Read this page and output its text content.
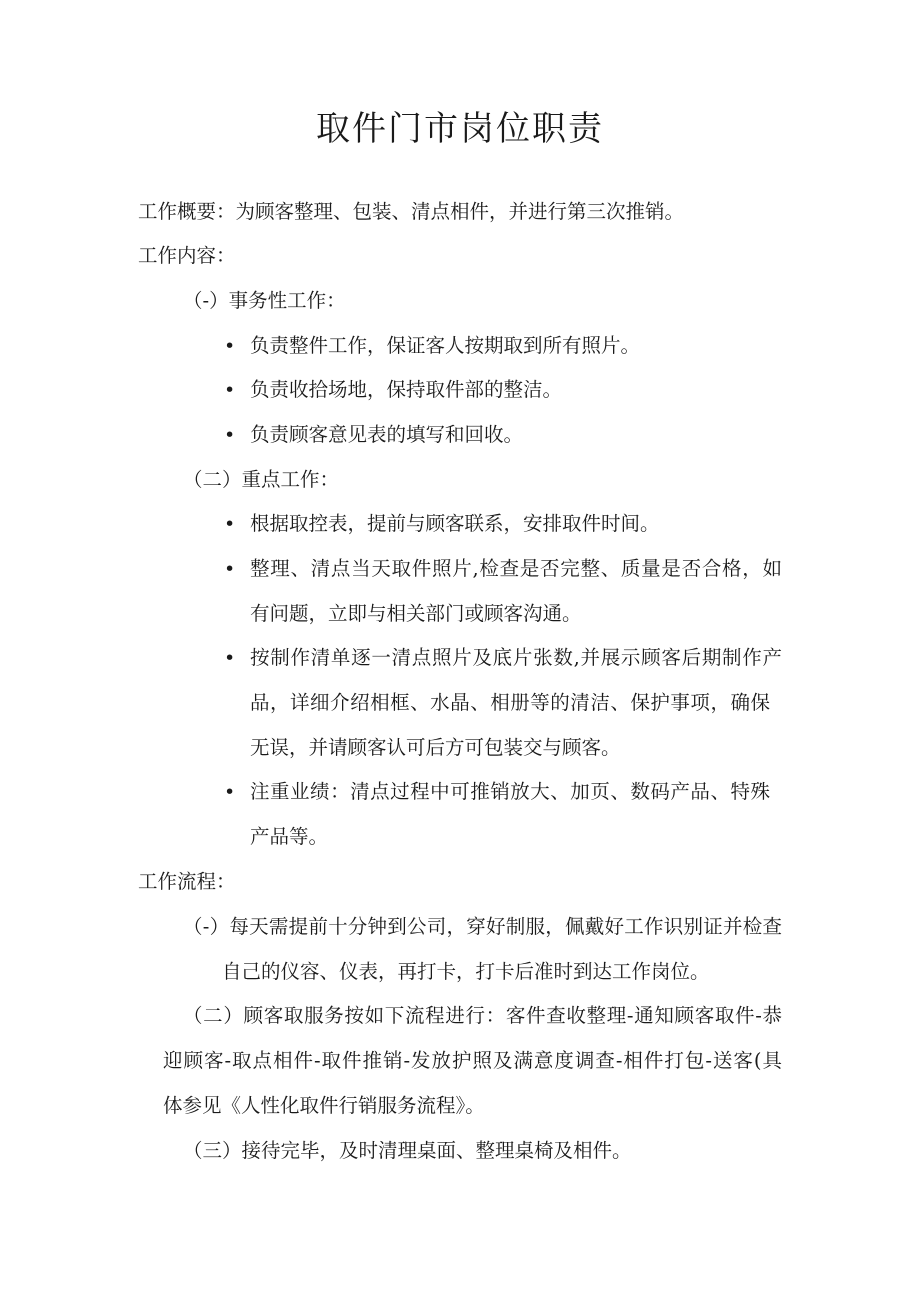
取件门市岗位职责
工作概要：为顾客整理、包装、清点相件，并进行第三次推销。
工作内容：
（-）事务性工作：
• 负责整件工作，保证客人按期取到所有照片。
• 负责收拾场地，保持取件部的整洁。
• 负责顾客意见表的填写和回收。
（二）重点工作：
• 根据取控表，提前与顾客联系，安排取件时间。
• 整理、清点当天取件照片,检查是否完整、质量是否合格，如
有问题，立即与相关部门或顾客沟通。
• 按制作清单逐一清点照片及底片张数,并展示顾客后期制作产
品，详细介绍相框、水晶、相册等的清洁、保护事项，确保
无误，并请顾客认可后方可包装交与顾客。
• 注重业绩：清点过程中可推销放大、加页、数码产品、特殊
产品等。
工作流程：
（-）每天需提前十分钟到公司，穿好制服，佩戴好工作识别证并检查
自己的仪容、仪表，再打卡，打卡后准时到达工作岗位。
（二）顾客取服务按如下流程进行：客件查收整理-通知顾客取件-恭
迎顾客-取点相件-取件推销-发放护照及满意度调查-相件打包-送客(具
体参见《人性化取件行销服务流程》。
（三）接待完毕，及时清理桌面、整理桌椅及相件。
